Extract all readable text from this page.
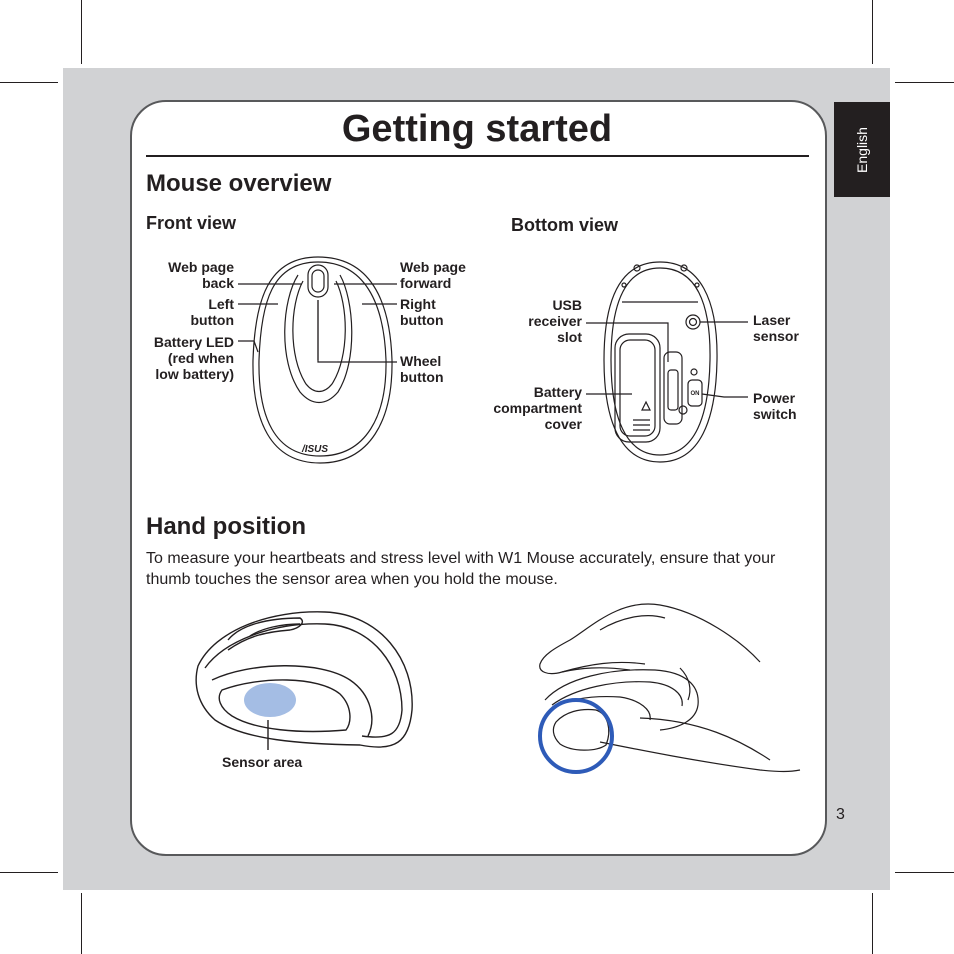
English
3
Getting started
Mouse overview
Front view	Bottom view
Web page
back
Left
button
Battery LED
(red when
low battery)
Web page
forward
Right
button
Wheel
button
USB
receiver
slot
Battery
compartment
cover
Laser
sensor
Power
switch
Hand position
To measure your heartbeats and stress level with W1 Mouse accurately, ensure that your thumb touches the sensor area when you hold the mouse.
Sensor area
/ISUS
ON
